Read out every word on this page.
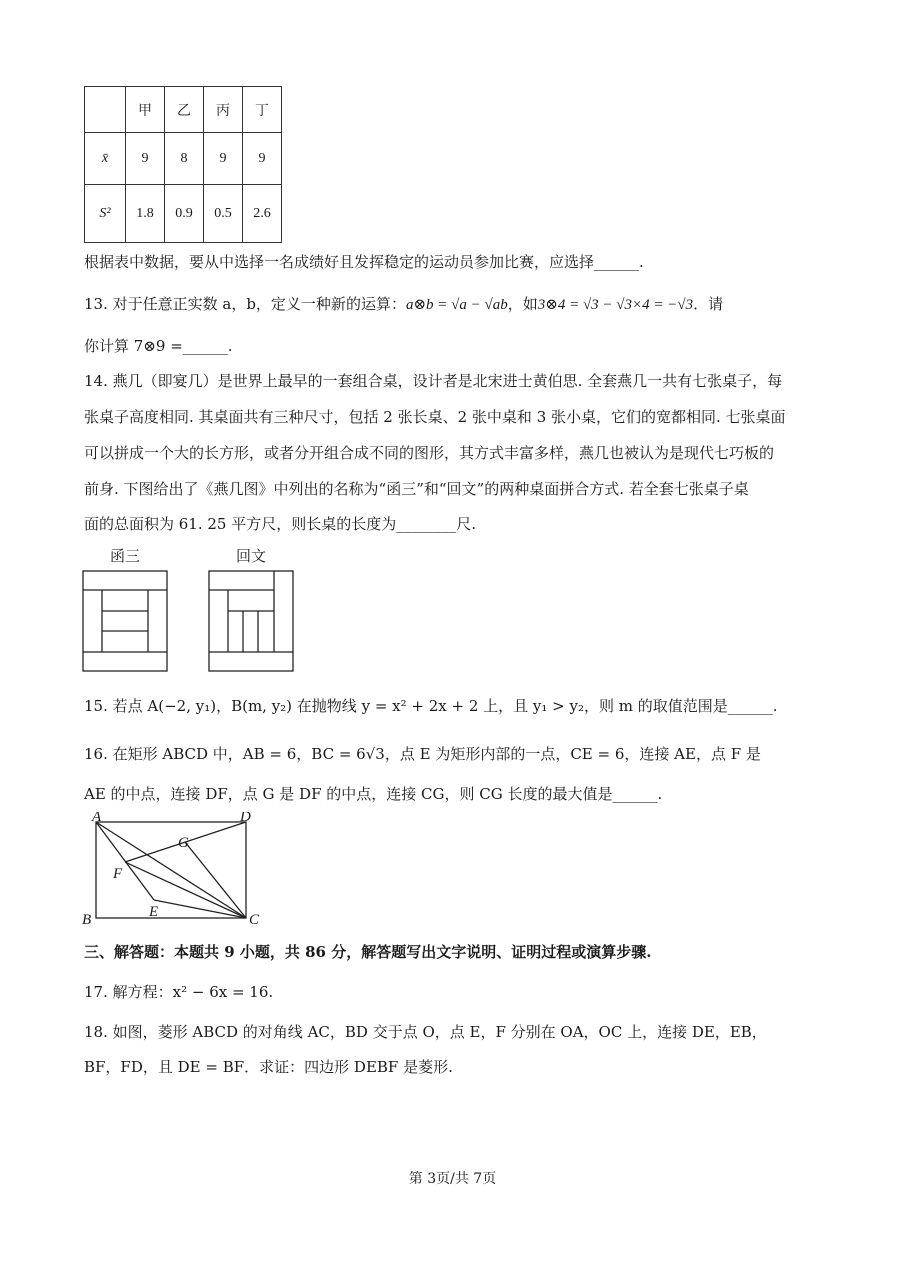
	甲	乙	丙	丁
x̄	9	8	9	9
S²	1.8	0.9	0.5	2.6
根据表中数据，要从中选择一名成绩好且发挥稳定的运动员参加比赛，应选择______.
13. 对于任意正实数 a，b，定义一种新的运算：a⊗b = √a − √ab，如3⊗4 = √3 − √3×4 = −√3．请
你计算 7⊗9 =______.
14. 燕几（即宴几）是世界上最早的一套组合桌，设计者是北宋进士黄伯思. 全套燕几一共有七张桌子，每
张桌子高度相同. 其桌面共有三种尺寸，包括 2 张长桌、2 张中桌和 3 张小桌，它们的宽都相同. 七张桌面
可以拼成一个大的长方形，或者分开组合成不同的图形，其方式丰富多样，燕几也被认为是现代七巧板的
前身. 下图给出了《燕几图》中列出的名称为“函三”和“回文”的两种桌面拼合方式. 若全套七张桌子桌
面的总面积为 61. 25 平方尺，则长桌的长度为________尺.
函三	回文
15. 若点 A(−2, y₁)，B(m, y₂) 在抛物线 y = x² + 2x + 2 上，且 y₁ > y₂，则 m 的取值范围是______.
16. 在矩形 ABCD 中，AB = 6，BC = 6√3，点 E 为矩形内部的一点，CE = 6，连接 AE，点 F 是
AE 的中点，连接 DF，点 G 是 DF 的中点，连接 CG，则 CG 长度的最大值是______.
A	D
B	C
E
F
G
三、解答题：本题共 9 小题，共 86 分，解答题写出文字说明、证明过程或演算步骤.
17. 解方程：x² − 6x = 16.
18. 如图，菱形 ABCD 的对角线 AC，BD 交于点 O，点 E，F 分别在 OA，OC 上，连接 DE，EB，
BF，FD，且 DE = BF．求证：四边形 DEBF 是菱形.
第 3页/共 7页
